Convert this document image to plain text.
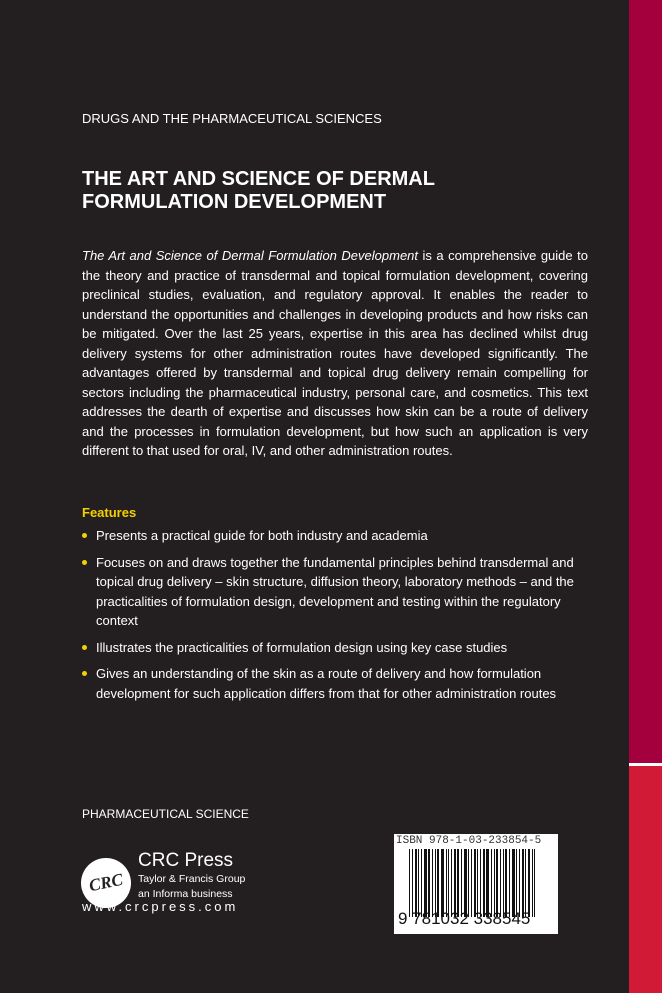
DRUGS AND THE PHARMACEUTICAL SCIENCES
THE ART AND SCIENCE OF DERMAL FORMULATION DEVELOPMENT
The Art and Science of Dermal Formulation Development is a comprehensive guide to the theory and practice of transdermal and topical formulation development, covering preclinical studies, evaluation, and regulatory approval. It enables the reader to understand the opportunities and challenges in developing products and how risks can be mitigated. Over the last 25 years, expertise in this area has declined whilst drug delivery systems for other administration routes have developed significantly. The advantages offered by transdermal and topical drug delivery remain compelling for sectors including the pharmaceutical industry, personal care, and cosmetics. This text addresses the dearth of expertise and discusses how skin can be a route of delivery and the processes in formulation development, but how such an application is very different to that used for oral, IV, and other administration routes.
Features
Presents a practical guide for both industry and academia
Focuses on and draws together the fundamental principles behind transdermal and topical drug delivery – skin structure, diffusion theory, laboratory methods – and the practicalities of formulation design, development and testing within the regulatory context
Illustrates the practicalities of formulation design using key case studies
Gives an understanding of the skin as a route of delivery and how formulation development for such application differs from that for other administration routes
PHARMACEUTICAL SCIENCE
CRC
CRC Press
Taylor & Francis Group
an Informa business
www.crcpress.com
ISBN 978-1-03-233854-5
9 781032 338545
